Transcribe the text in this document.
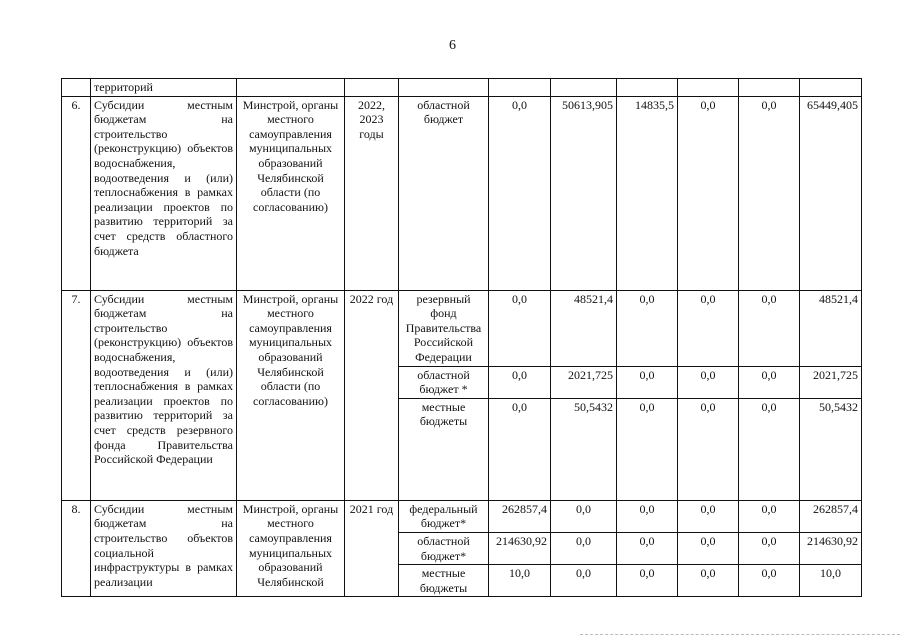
6
	территорий									
6.	Субсидии местным бюджетам на строительство (реконструкцию) объектов водоснабжения, водоотведения и (или) теплоснабжения в рамках реализации проектов по развитию территорий за счет средств областного бюджета	Минстрой, органы местного самоуправления муниципальных образований Челябинской области (по согласованию)	2022, 2023 годы	областной бюджет	0,0	50613,905	14835,5	0,0	0,0	65449,405
7.	Субсидии местным бюджетам на строительство (реконструкцию) объектов водоснабжения, водоотведения и (или) теплоснабжения в рамках реализации проектов по развитию территорий за счет средств резервного фонда Правительства Российской Федерации	Минстрой, органы местного самоуправления муниципальных образований Челябинской области (по согласованию)	2022 год	резервный фонд Правительства Российской Федерации	0,0	48521,4	0,0	0,0	0,0	48521,4
				областной бюджет *	0,0	2021,725	0,0	0,0	0,0	2021,725
				местные бюджеты	0,0	50,5432	0,0	0,0	0,0	50,5432
8.	Субсидии местным бюджетам на строительство объектов социальной инфраструктуры в рамках реализации	Минстрой, органы местного самоуправления муниципальных образований Челябинской	2021 год	федеральный бюджет*	262857,4	0,0	0,0	0,0	0,0	262857,4
				областной бюджет*	214630,92	0,0	0,0	0,0	0,0	214630,92
				местные бюджеты	10,0	0,0	0,0	0,0	0,0	10,0
